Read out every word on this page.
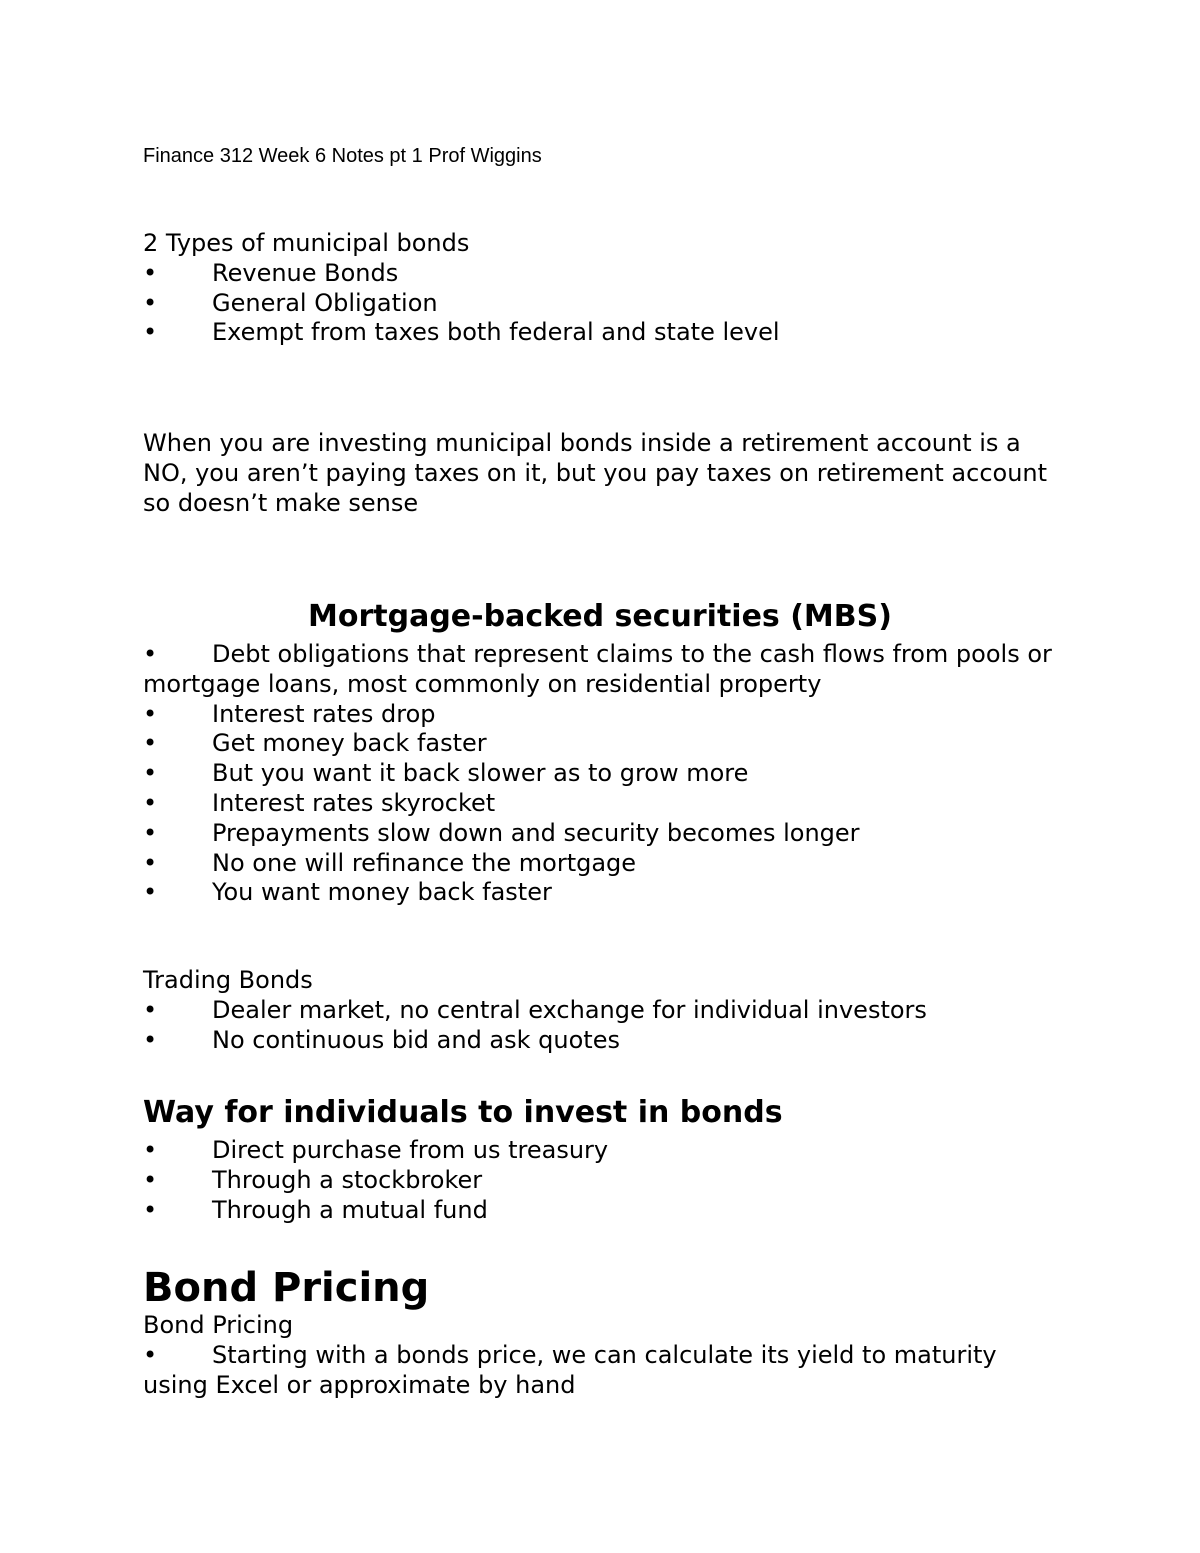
Finance 312 Week 6 Notes pt 1 Prof Wiggins
2 Types of municipal bonds
• Revenue Bonds
• General Obligation
• Exempt from taxes both federal and state level
When you are investing municipal bonds inside a retirement account is a NO, you aren’t paying taxes on it, but you pay taxes on retirement account so doesn’t make sense
Mortgage-backed securities (MBS)
• Debt obligations that represent claims to the cash flows from pools or mortgage loans, most commonly on residential property
• Interest rates drop
• Get money back faster
• But you want it back slower as to grow more
• Interest rates skyrocket
• Prepayments slow down and security becomes longer
• No one will refinance the mortgage
• You want money back faster
Trading Bonds
• Dealer market, no central exchange for individual investors
• No continuous bid and ask quotes
Way for individuals to invest in bonds
• Direct purchase from us treasury
• Through a stockbroker
• Through a mutual fund
Bond Pricing
Bond Pricing
• Starting with a bonds price, we can calculate its yield to maturity using Excel or approximate by hand
